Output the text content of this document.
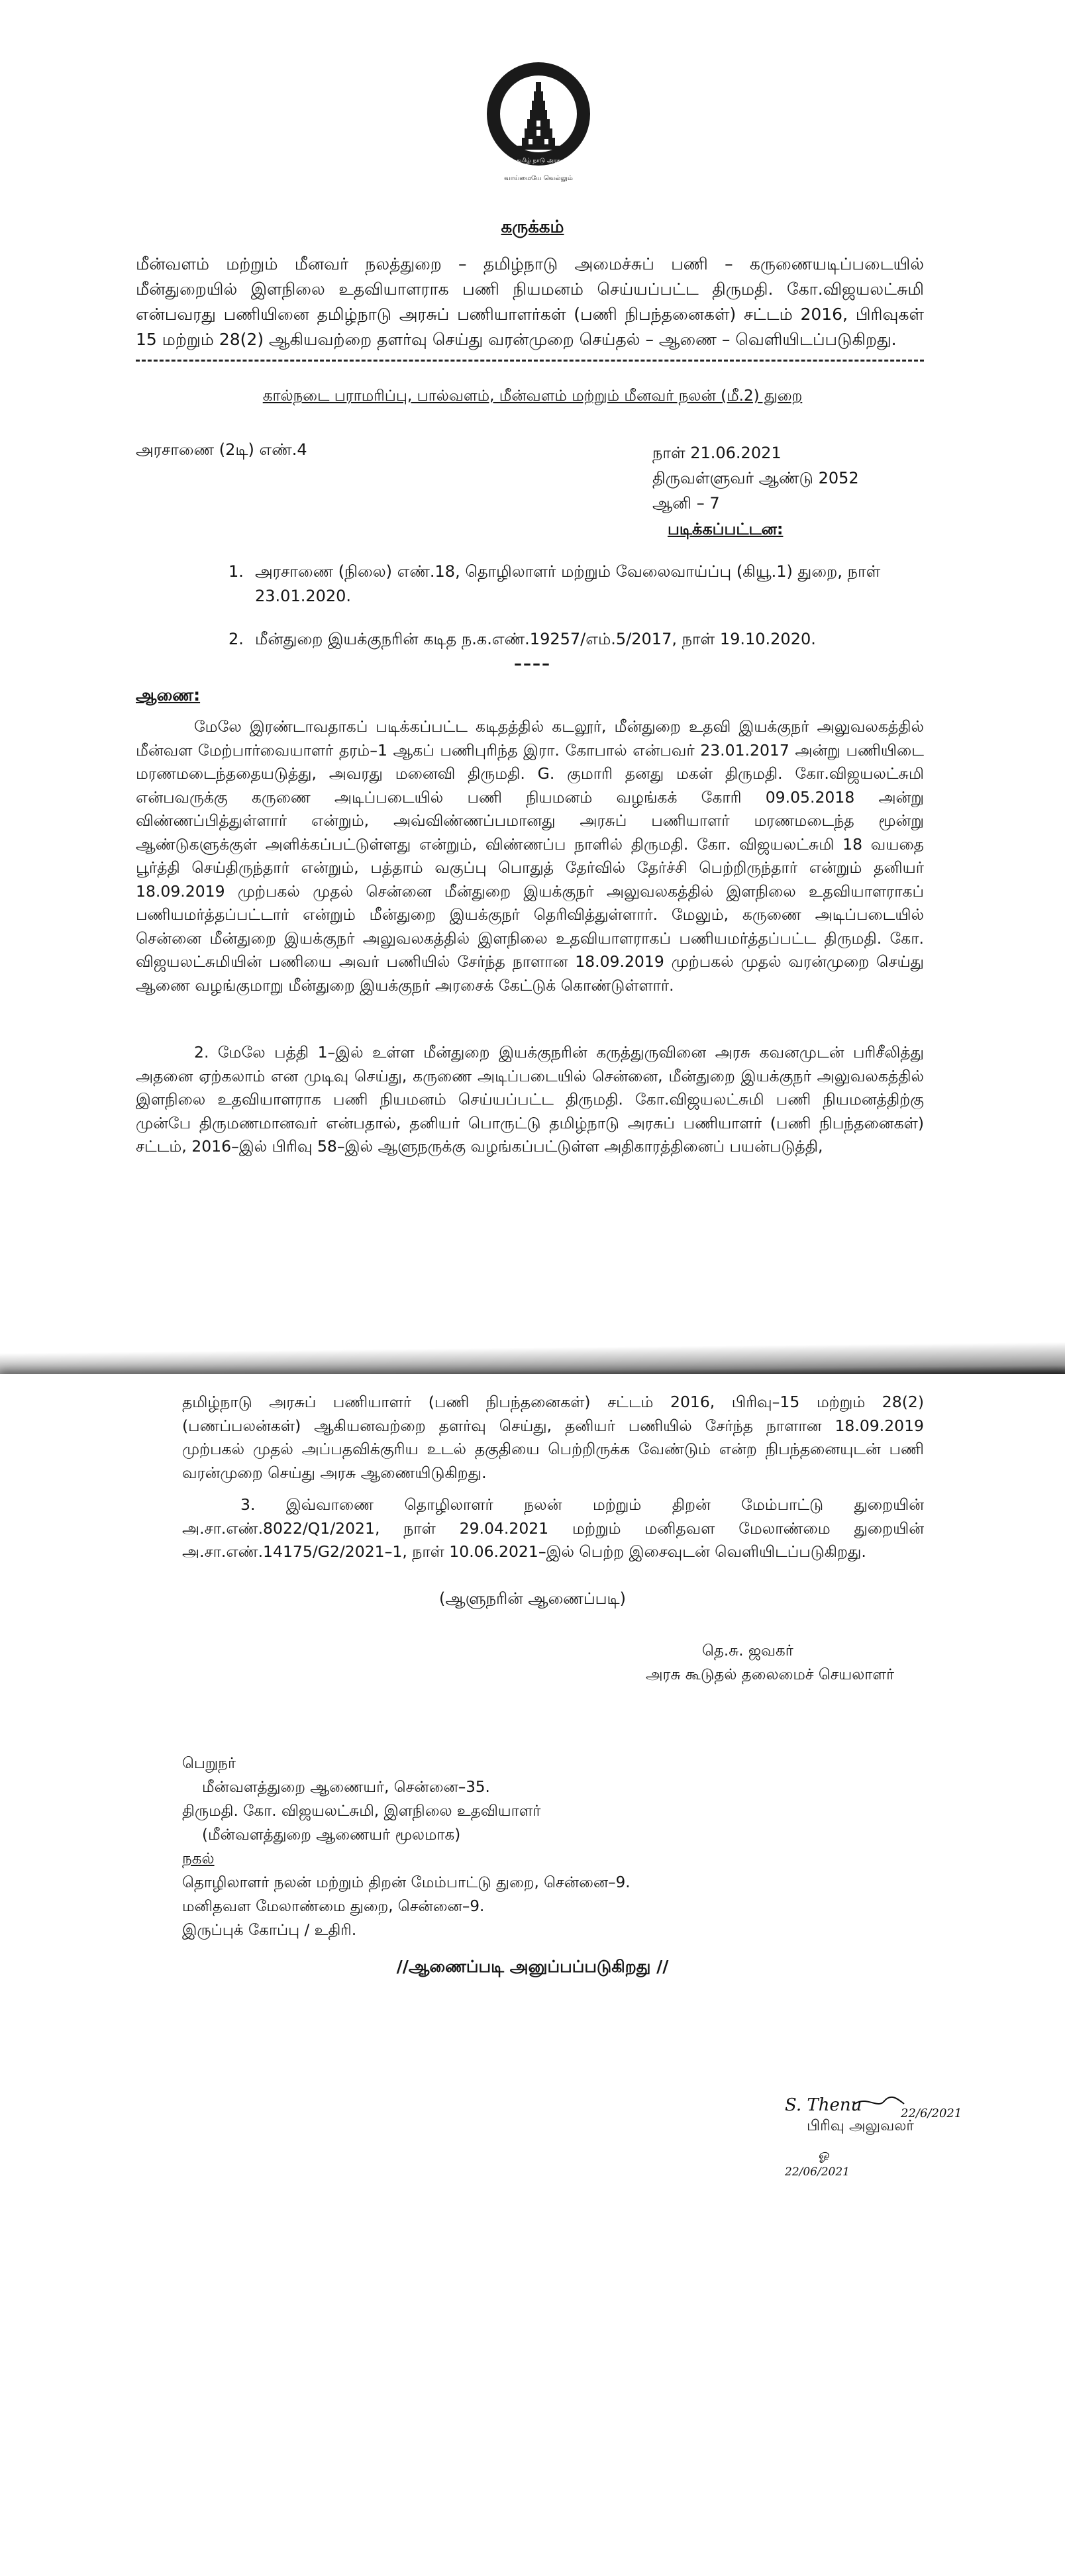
தமிழ் நாடு அரசு
வாய்மையே வெல்லும்
கருக்கம்
மீன்வளம் மற்றும் மீனவர் நலத்துறை – தமிழ்நாடு அமைச்சுப் பணி – கருணையடிப்படையில் மீன்துறையில் இளநிலை உதவியாளராக பணி நியமனம் செய்யப்பட்ட திருமதி. கோ.விஜயலட்சுமி என்பவரது பணியினை தமிழ்நாடு அரசுப் பணியாளர்கள் (பணி நிபந்தனைகள்) சட்டம் 2016, பிரிவுகள் 15 மற்றும் 28(2) ஆகியவற்றை தளர்வு செய்து வரன்முறை செய்தல் – ஆணை – வெளியிடப்படுகிறது.
கால்நடை பராமரிப்பு, பால்வளம், மீன்வளம் மற்றும் மீனவர் நலன் (மீ.2) துறை
அரசாணை (2டி) எண்.4	நாள் 21.06.2021
திருவள்ளுவர் ஆண்டு 2052
ஆனி – 7
படிக்கப்பட்டன:
1. அரசாணை (நிலை) எண்.18, தொழிலாளர் மற்றும் வேலைவாய்ப்பு (கியூ.1) துறை, நாள் 23.01.2020.
2. மீன்துறை இயக்குநரின் கடித ந.க.எண்.19257/எம்.5/2017, நாள் 19.10.2020.
––––
ஆணை:
மேலே இரண்டாவதாகப் படிக்கப்பட்ட கடிதத்தில் கடலூர், மீன்துறை உதவி இயக்குநர் அலுவலகத்தில் மீன்வள மேற்பார்வையாளர் தரம்–1 ஆகப் பணிபுரிந்த இரா. கோபால் என்பவர் 23.01.2017 அன்று பணியிடை மரணமடைந்ததையடுத்து, அவரது மனைவி திருமதி. G. குமாரி தனது மகள் திருமதி. கோ.விஜயலட்சுமி என்பவருக்கு கருணை அடிப்படையில் பணி நியமனம் வழங்கக் கோரி 09.05.2018 அன்று விண்ணப்பித்துள்ளார் என்றும், அவ்விண்ணப்பமானது அரசுப் பணியாளர் மரணமடைந்த மூன்று ஆண்டுகளுக்குள் அளிக்கப்பட்டுள்ளது என்றும், விண்ணப்ப நாளில் திருமதி. கோ. விஜயலட்சுமி 18 வயதை பூர்த்தி செய்திருந்தார் என்றும், பத்தாம் வகுப்பு பொதுத் தேர்வில் தேர்ச்சி பெற்றிருந்தார் என்றும் தனியர் 18.09.2019 முற்பகல் முதல் சென்னை மீன்துறை இயக்குநர் அலுவலகத்தில் இளநிலை உதவியாளராகப் பணியமர்த்தப்பட்டார் என்றும் மீன்துறை இயக்குநர் தெரிவித்துள்ளார். மேலும், கருணை அடிப்படையில் சென்னை மீன்துறை இயக்குநர் அலுவலகத்தில் இளநிலை உதவியாளராகப் பணியமர்த்தப்பட்ட திருமதி. கோ. விஜயலட்சுமியின் பணியை அவர் பணியில் சேர்ந்த நாளான 18.09.2019 முற்பகல் முதல் வரன்முறை செய்து ஆணை வழங்குமாறு மீன்துறை இயக்குநர் அரசைக் கேட்டுக் கொண்டுள்ளார்.
2. மேலே பத்தி 1–இல் உள்ள மீன்துறை இயக்குநரின் கருத்துருவினை அரசு கவனமுடன் பரிசீலித்து அதனை ஏற்கலாம் என முடிவு செய்து, கருணை அடிப்படையில் சென்னை, மீன்துறை இயக்குநர் அலுவலகத்தில் இளநிலை உதவியாளராக பணி நியமனம் செய்யப்பட்ட திருமதி. கோ.விஜயலட்சுமி பணி நியமனத்திற்கு முன்பே திருமணமானவர் என்பதால், தனியர் பொருட்டு தமிழ்நாடு அரசுப் பணியாளர் (பணி நிபந்தனைகள்) சட்டம், 2016–இல் பிரிவு 58–இல் ஆளுநருக்கு வழங்கப்பட்டுள்ள அதிகாரத்தினைப் பயன்படுத்தி,
தமிழ்நாடு அரசுப் பணியாளர் (பணி நிபந்தனைகள்) சட்டம் 2016, பிரிவு–15 மற்றும் 28(2) (பணப்பலன்கள்) ஆகியனவற்றை தளர்வு செய்து, தனியர் பணியில் சேர்ந்த நாளான 18.09.2019 முற்பகல் முதல் அப்பதவிக்குரிய உடல் தகுதியை பெற்றிருக்க வேண்டும் என்ற நிபந்தனையுடன் பணி வரன்முறை செய்து அரசு ஆணையிடுகிறது.
3. இவ்வாணை தொழிலாளர் நலன் மற்றும் திறன் மேம்பாட்டு துறையின் அ.சா.எண்.8022/Q1/2021, நாள் 29.04.2021 மற்றும் மனிதவள மேலாண்மை துறையின் அ.சா.எண்.14175/G2/2021–1, நாள் 10.06.2021–இல் பெற்ற இசைவுடன் வெளியிடப்படுகிறது.
(ஆளுநரின் ஆணைப்படி)
தெ.சு. ஜவகர்
அரசு கூடுதல் தலைமைச் செயலாளர்
பெறுநர்
மீன்வளத்துறை ஆணையர், சென்னை–35.
திருமதி. கோ. விஜயலட்சுமி, இளநிலை உதவியாளர்
(மீன்வளத்துறை ஆணையர் மூலமாக)
நகல்
தொழிலாளர் நலன் மற்றும் திறன் மேம்பாட்டு துறை, சென்னை–9.
மனிதவள மேலாண்மை துறை, சென்னை–9.
இருப்புக் கோப்பு / உதிரி.
//ஆணைப்படி அனுப்பப்படுகிறது //
S. Thenu	22/6/2021
ஓ
22/06/2021
பிரிவு அலுவலர்
